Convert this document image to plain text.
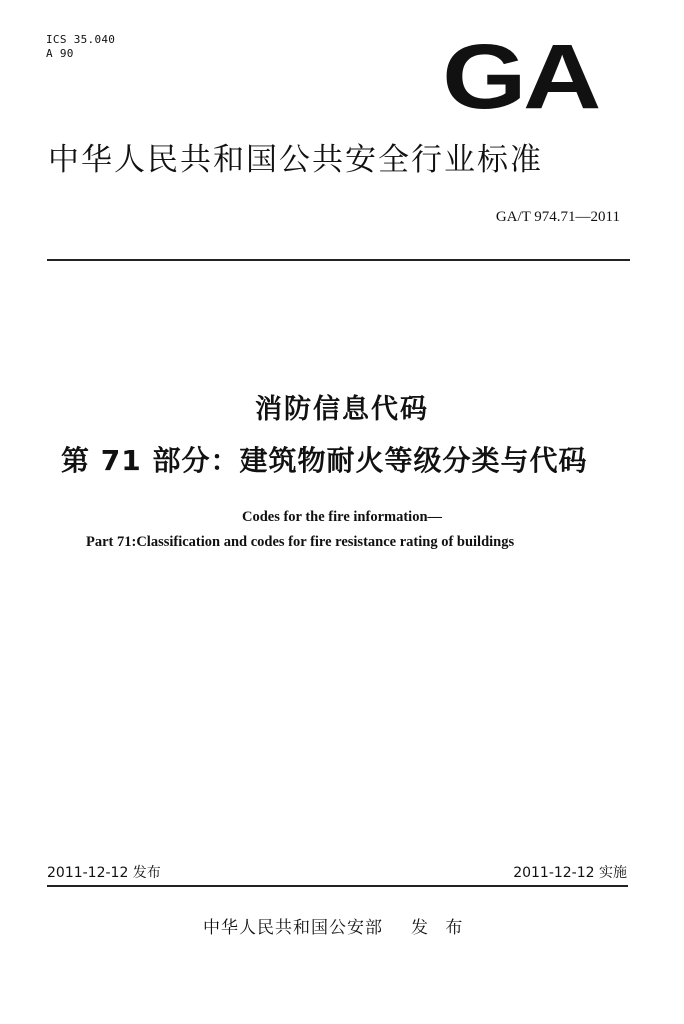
ICS 35.040
A 90	GA
中华人民共和国公共安全行业标准
GA/T 974.71—2011
消防信息代码
第 71 部分：建筑物耐火等级分类与代码
Codes for the fire information—
Part 71:Classification and codes for fire resistance rating of buildings
2011-12-12 发布	2011-12-12 实施
中华人民共和国公安部 发 布
